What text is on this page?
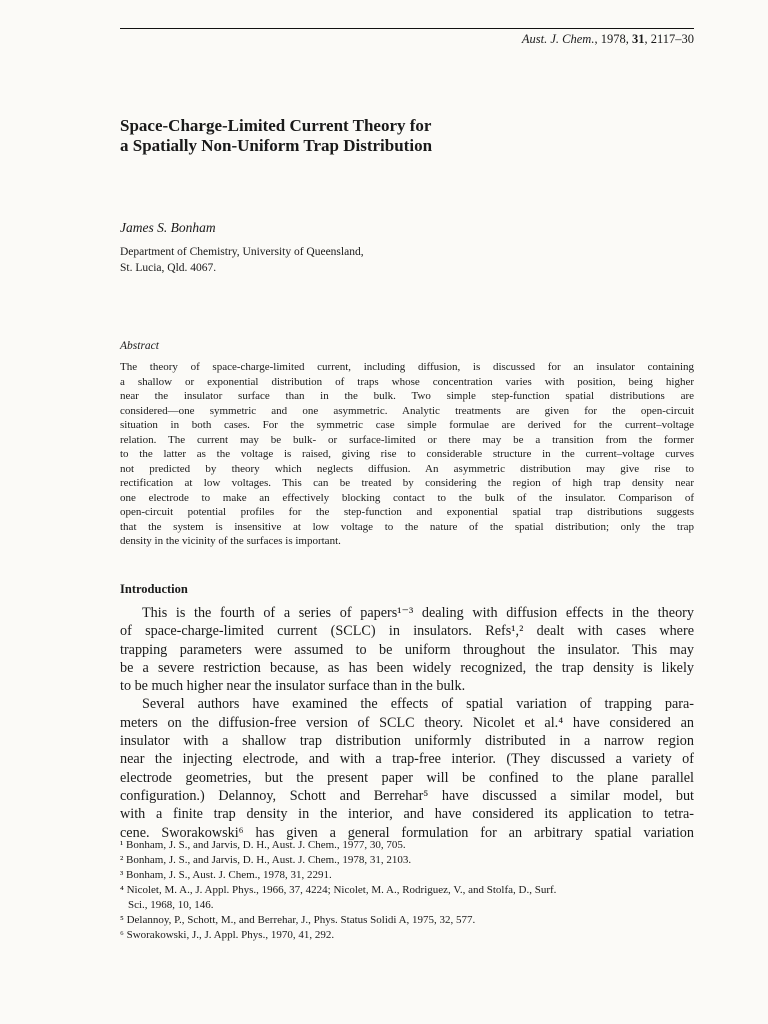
Aust. J. Chem., 1978, 31, 2117–30
Space-Charge-Limited Current Theory for
a Spatially Non-Uniform Trap Distribution
James S. Bonham
Department of Chemistry, University of Queensland,
St. Lucia, Qld. 4067.
Abstract
The theory of space-charge-limited current, including diffusion, is discussed for an insulator containing
a shallow or exponential distribution of traps whose concentration varies with position, being higher
near the insulator surface than in the bulk. Two simple step-function spatial distributions are
considered—one symmetric and one asymmetric. Analytic treatments are given for the open-circuit
situation in both cases. For the symmetric case simple formulae are derived for the current–voltage
relation. The current may be bulk- or surface-limited or there may be a transition from the former
to the latter as the voltage is raised, giving rise to considerable structure in the current–voltage curves
not predicted by theory which neglects diffusion. An asymmetric distribution may give rise to
rectification at low voltages. This can be treated by considering the region of high trap density near
one electrode to make an effectively blocking contact to the bulk of the insulator. Comparison of
open-circuit potential profiles for the step-function and exponential spatial trap distributions suggests
that the system is insensitive at low voltage to the nature of the spatial distribution; only the trap
density in the vicinity of the surfaces is important.
Introduction
This is the fourth of a series of papers¹⁻³ dealing with diffusion effects in the theory
of space-charge-limited current (SCLC) in insulators. Refs¹,² dealt with cases where
trapping parameters were assumed to be uniform throughout the insulator. This may
be a severe restriction because, as has been widely recognized, the trap density is likely
to be much higher near the insulator surface than in the bulk.
Several authors have examined the effects of spatial variation of trapping para-
meters on the diffusion-free version of SCLC theory. Nicolet et al.⁴ have considered an
insulator with a shallow trap distribution uniformly distributed in a narrow region
near the injecting electrode, and with a trap-free interior. (They discussed a variety of
electrode geometries, but the present paper will be confined to the plane parallel
configuration.) Delannoy, Schott and Berrehar⁵ have discussed a similar model, but
with a finite trap density in the interior, and have considered its application to tetra-
cene. Sworakowski⁶ has given a general formulation for an arbitrary spatial variation
¹ Bonham, J. S., and Jarvis, D. H., Aust. J. Chem., 1977, 30, 705.
² Bonham, J. S., and Jarvis, D. H., Aust. J. Chem., 1978, 31, 2103.
³ Bonham, J. S., Aust. J. Chem., 1978, 31, 2291.
⁴ Nicolet, M. A., J. Appl. Phys., 1966, 37, 4224; Nicolet, M. A., Rodriguez, V., and Stolfa, D., Surf.
Sci., 1968, 10, 146.
⁵ Delannoy, P., Schott, M., and Berrehar, J., Phys. Status Solidi A, 1975, 32, 577.
⁶ Sworakowski, J., J. Appl. Phys., 1970, 41, 292.
